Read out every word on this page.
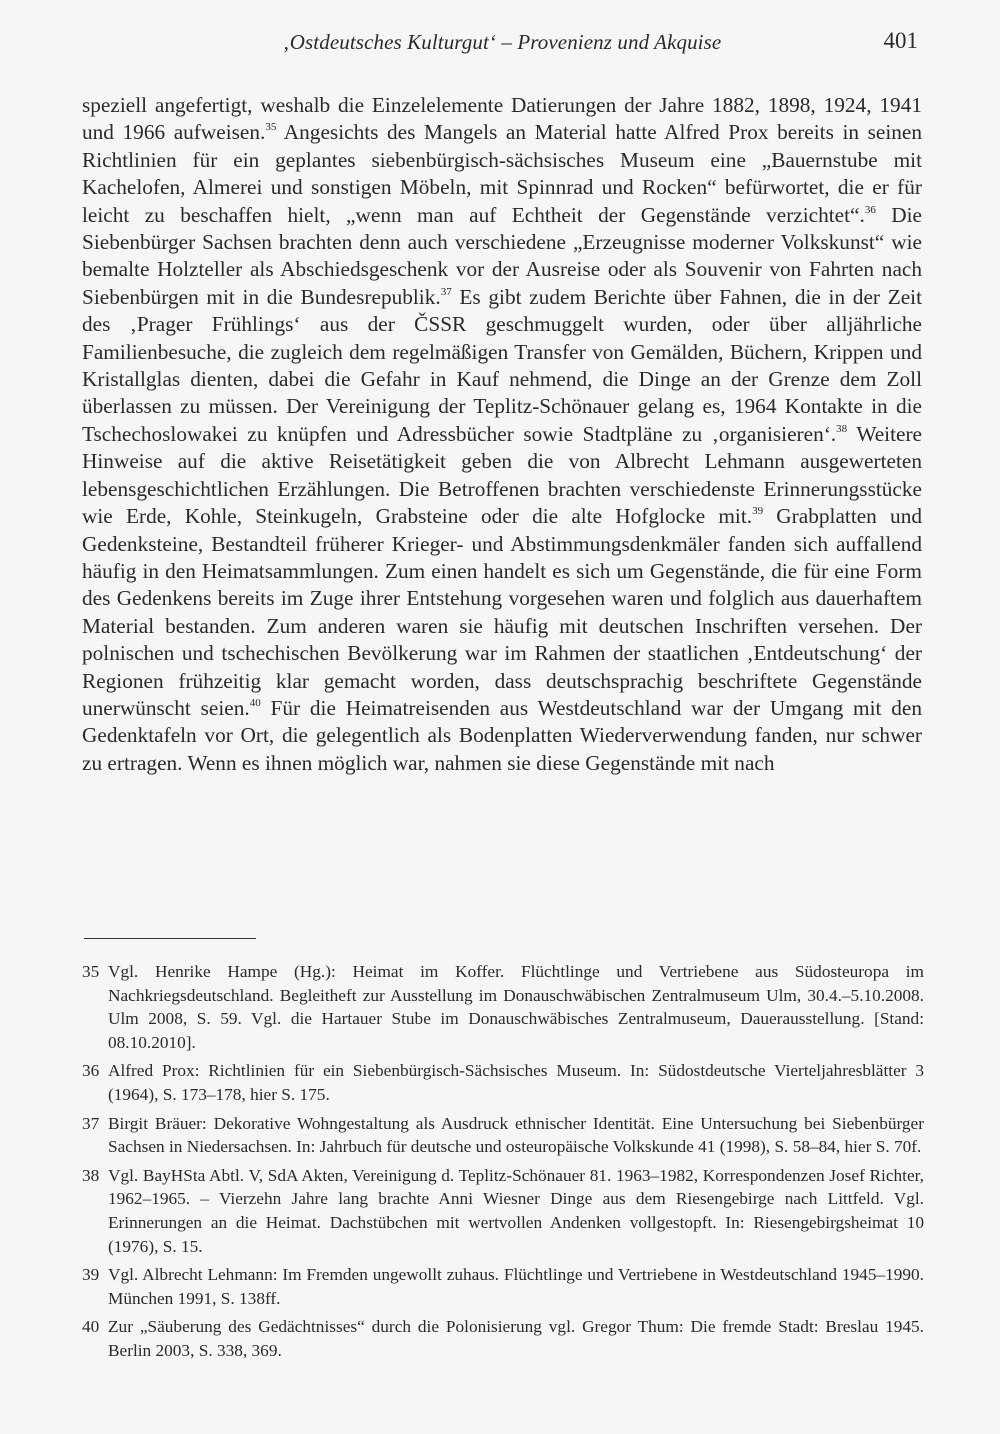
‚Ostdeutsches Kulturgut‘ – Provenienz und Akquise	401

speziell angefertigt, weshalb die Einzelelemente Datierungen der Jahre 1882, 1898, 1924, 1941 und 1966 aufweisen.$^{35}$ Angesichts des Mangels an Material hatte Alfred Prox bereits in seinen Richtlinien für ein geplantes siebenbürgisch-sächsisches Museum eine „Bauernstube mit Kachelofen, Almerei und sonstigen Möbeln, mit Spinnrad und Rocken“ befürwortet, die er für leicht zu beschaffen hielt, „wenn man auf Echtheit der Gegenstände verzichtet“.$^{36}$ Die Siebenbürger Sachsen brachten denn auch verschiedene „Erzeugnisse moderner Volkskunst“ wie bemalte Holzteller als Abschiedsgeschenk vor der Ausreise oder als Souvenir von Fahrten nach Siebenbürgen mit in die Bundesrepublik.$^{37}$ Es gibt zudem Berichte über Fahnen, die in der Zeit des ‚Prager Frühlings‘ aus der ČSSR geschmuggelt wurden, oder über alljährliche Familienbesuche, die zugleich dem regelmäßigen Transfer von Gemälden, Büchern, Krippen und Kristallglas dienten, dabei die Gefahr in Kauf nehmend, die Dinge an der Grenze dem Zoll überlassen zu müssen. Der Vereinigung der Teplitz-Schönauer gelang es, 1964 Kontakte in die Tschechoslowakei zu knüpfen und Adressbücher sowie Stadtpläne zu ‚organisieren‘.$^{38}$ Weitere Hinweise auf die aktive Reisetätigkeit geben die von Albrecht Lehmann ausgewerteten lebensgeschichtlichen Erzählungen. Die Betroffenen brachten verschiedenste Erinnerungsstücke wie Erde, Kohle, Steinkugeln, Grabsteine oder die alte Hofglocke mit.$^{39}$ Grabplatten und Gedenksteine, Bestandteil früherer Krieger- und Abstimmungsdenkmäler fanden sich auffallend häufig in den Heimatsammlungen. Zum einen handelt es sich um Gegenstände, die für eine Form des Gedenkens bereits im Zuge ihrer Entstehung vorgesehen waren und folglich aus dauerhaftem Material bestanden. Zum anderen waren sie häufig mit deutschen Inschriften versehen. Der polnischen und tschechischen Bevölkerung war im Rahmen der staatlichen ‚Entdeutschung‘ der Regionen frühzeitig klar gemacht worden, dass deutschsprachig beschriftete Gegenstände unerwünscht seien.$^{40}$ Für die Heimatreisenden aus Westdeutschland war der Umgang mit den Gedenktafeln vor Ort, die gelegentlich als Bodenplatten Wiederverwendung fanden, nur schwer zu ertragen. Wenn es ihnen möglich war, nahmen sie diese Gegenstände mit nach

35 Vgl. Henrike Hampe (Hg.): Heimat im Koffer. Flüchtlinge und Vertriebene aus Südosteuropa im Nachkriegsdeutschland. Begleitheft zur Ausstellung im Donauschwäbischen Zentralmuseum Ulm, 30.4.–5.10.2008. Ulm 2008, S. 59. Vgl. die Hartauer Stube im Donauschwäbisches Zentralmuseum, Dauerausstellung. [Stand: 08.10.2010].
36 Alfred Prox: Richtlinien für ein Siebenbürgisch-Sächsisches Museum. In: Südostdeutsche Vierteljahresblätter 3 (1964), S. 173–178, hier S. 175.
37 Birgit Bräuer: Dekorative Wohngestaltung als Ausdruck ethnischer Identität. Eine Untersuchung bei Siebenbürger Sachsen in Niedersachsen. In: Jahrbuch für deutsche und osteuropäische Volkskunde 41 (1998), S. 58–84, hier S. 70f.
38 Vgl. BayHSta Abtl. V, SdA Akten, Vereinigung d. Teplitz-Schönauer 81. 1963–1982, Korrespondenzen Josef Richter, 1962–1965. – Vierzehn Jahre lang brachte Anni Wiesner Dinge aus dem Riesengebirge nach Littfeld. Vgl. Erinnerungen an die Heimat. Dachstübchen mit wertvollen Andenken vollgestopft. In: Riesengebirgsheimat 10 (1976), S. 15.
39 Vgl. Albrecht Lehmann: Im Fremden ungewollt zuhaus. Flüchtlinge und Vertriebene in Westdeutschland 1945–1990. München 1991, S. 138ff.
40 Zur „Säuberung des Gedächtnisses“ durch die Polonisierung vgl. Gregor Thum: Die fremde Stadt: Breslau 1945. Berlin 2003, S. 338, 369.
